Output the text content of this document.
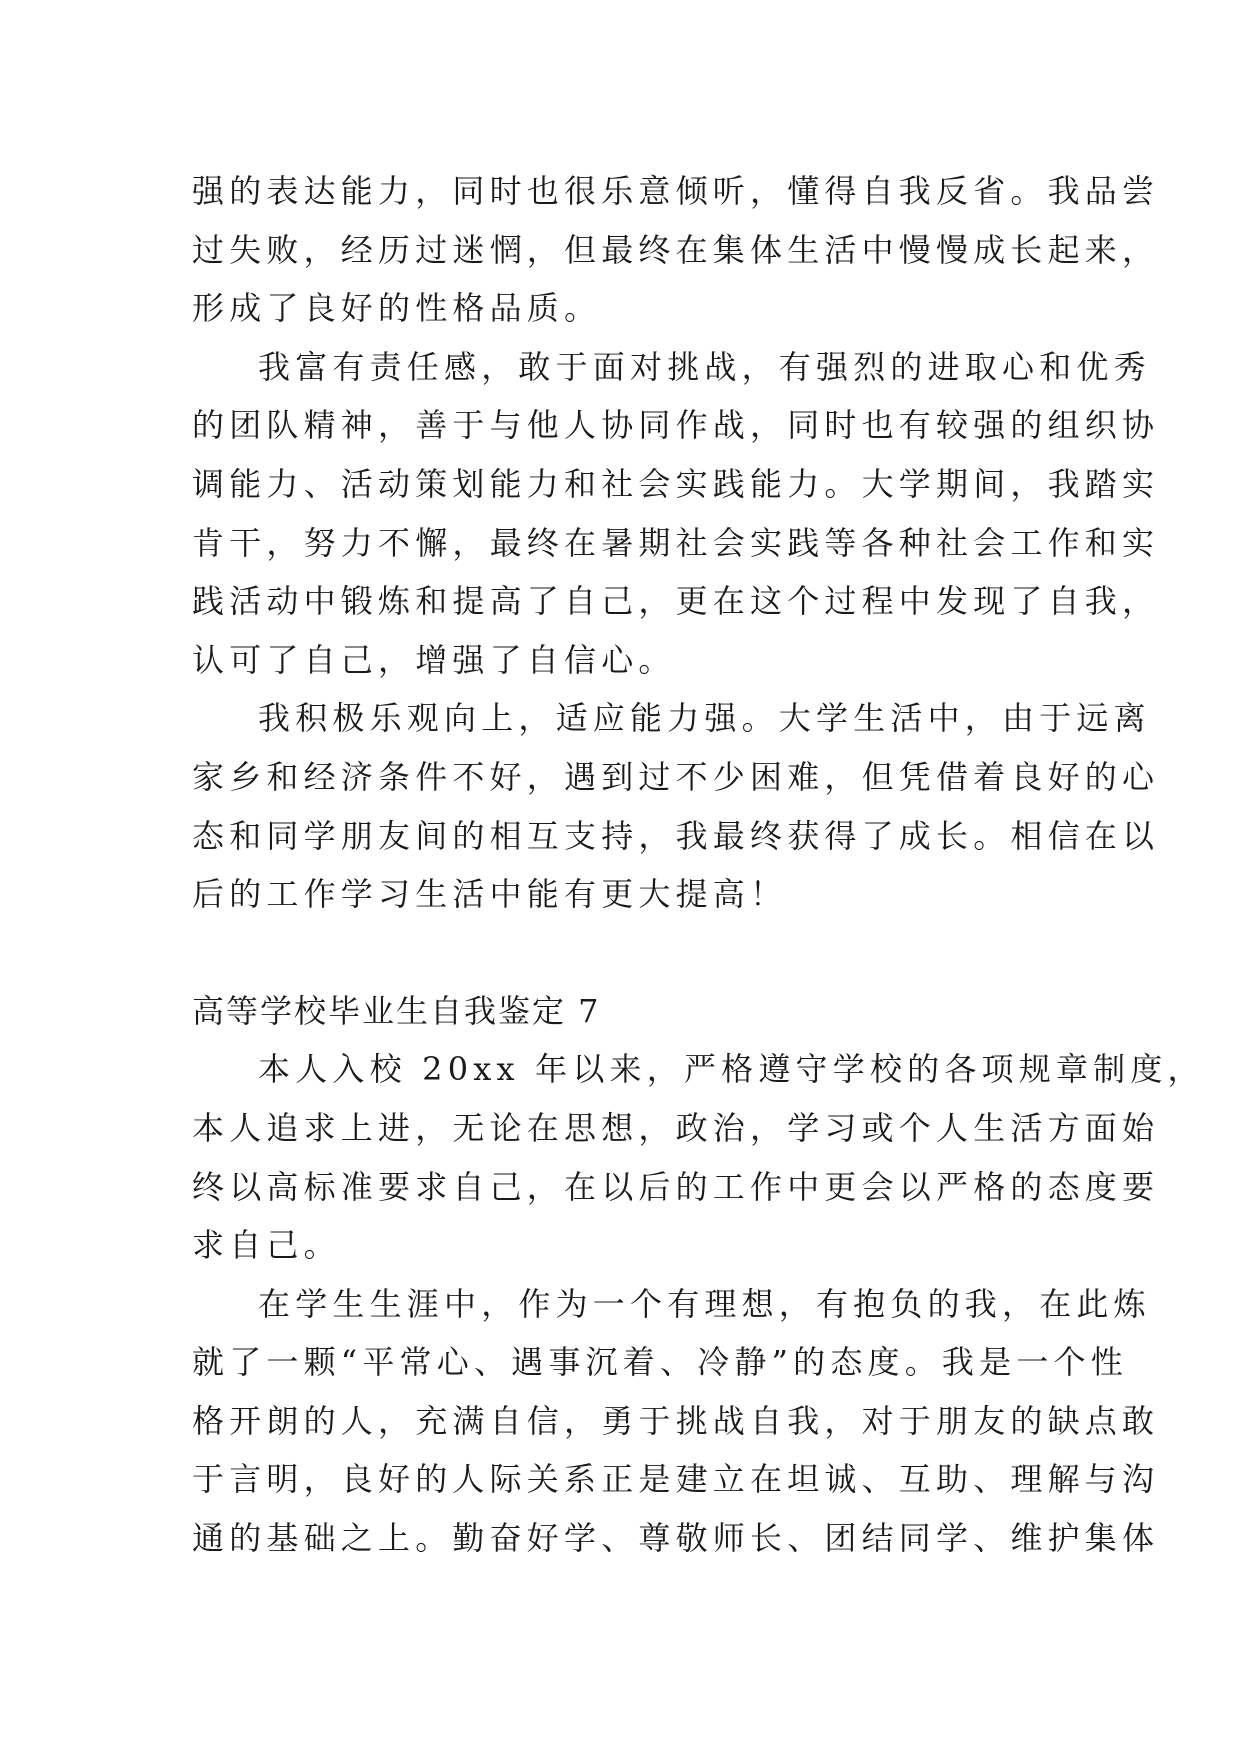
强的表达能力，同时也很乐意倾听，懂得自我反省。我品尝

过失败，经历过迷惘，但最终在集体生活中慢慢成长起来，

形成了良好的性格品质。

我富有责任感，敢于面对挑战，有强烈的进取心和优秀

的团队精神，善于与他人协同作战，同时也有较强的组织协

调能力、活动策划能力和社会实践能力。大学期间，我踏实

肯干，努力不懈，最终在暑期社会实践等各种社会工作和实

践活动中锻炼和提高了自己，更在这个过程中发现了自我，

认可了自己，增强了自信心。

我积极乐观向上，适应能力强。大学生活中，由于远离

家乡和经济条件不好，遇到过不少困难，但凭借着良好的心

态和同学朋友间的相互支持，我最终获得了成长。相信在以

后的工作学习生活中能有更大提高！

高等学校毕业生自我鉴定 7

本人入校 20xx 年以来，严格遵守学校的各项规章制度，

本人追求上进，无论在思想，政治，学习或个人生活方面始

终以高标准要求自己，在以后的工作中更会以严格的态度要

求自己。

在学生生涯中，作为一个有理想，有抱负的我，在此炼

就了一颗“平常心、遇事沉着、冷静”的态度。我是一个性

格开朗的人，充满自信，勇于挑战自我，对于朋友的缺点敢

于言明，良好的人际关系正是建立在坦诚、互助、理解与沟

通的基础之上。勤奋好学、尊敬师长、团结同学、维护集体
